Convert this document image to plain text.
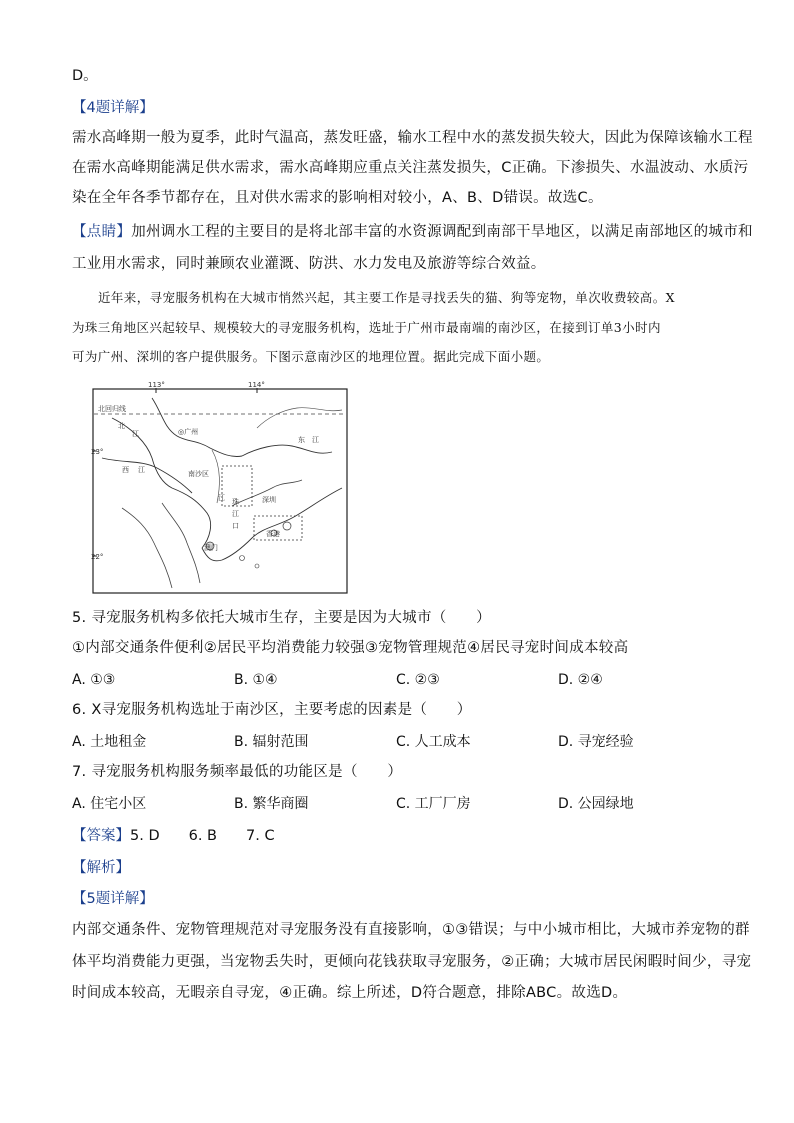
D。
【4题详解】
需水高峰期一般为夏季，此时气温高，蒸发旺盛，输水工程中水的蒸发损失较大，因此为保障该输水工程
在需水高峰期能满足供水需求，需水高峰期应重点关注蒸发损失，C正确。下渗损失、水温波动、水质污
染在全年各季节都存在，且对供水需求的影响相对较小，A、B、D错误。故选C。
【点睛】加州调水工程的主要目的是将北部丰富的水资源调配到南部干旱地区，以满足南部地区的城市和
工业用水需求，同时兼顾农业灌溉、防洪、水力发电及旅游等综合效益。
近年来，寻宠服务机构在大城市悄然兴起，其主要工作是寻找丢失的猫、狗等宠物，单次收费较高。X
为珠三角地区兴起较早、规模较大的寻宠服务机构，选址于广州市最南端的南沙区，在接到订单3小时内
可为广州、深圳的客户提供服务。下图示意南沙区的地理位置。据此完成下面小题。
113°	114°
北回归线
◎广州
南沙区
深圳
香港
澳门
北
江
西 江
东 江
珠
江
口
江
23°
22°
5. 寻宠服务机构多依托大城市生存，主要是因为大城市（　　）
①内部交通条件便利②居民平均消费能力较强③宠物管理规范④居民寻宠时间成本较高
A. ①③	B. ①④	C. ②③	D. ②④
6. X寻宠服务机构选址于南沙区，主要考虑的因素是（　　）
A. 土地租金	B. 辐射范围	C. 人工成本	D. 寻宠经验
7. 寻宠服务机构服务频率最低的功能区是（　　）
A. 住宅小区	B. 繁华商圈	C. 工厂厂房	D. 公园绿地
【答案】5. D　　6. B　　7. C
【解析】
【5题详解】
内部交通条件、宠物管理规范对寻宠服务没有直接影响，①③错误；与中小城市相比，大城市养宠物的群
体平均消费能力更强，当宠物丢失时，更倾向花钱获取寻宠服务，②正确；大城市居民闲暇时间少，寻宠
时间成本较高，无暇亲自寻宠，④正确。综上所述，D符合题意，排除ABC。故选D。
